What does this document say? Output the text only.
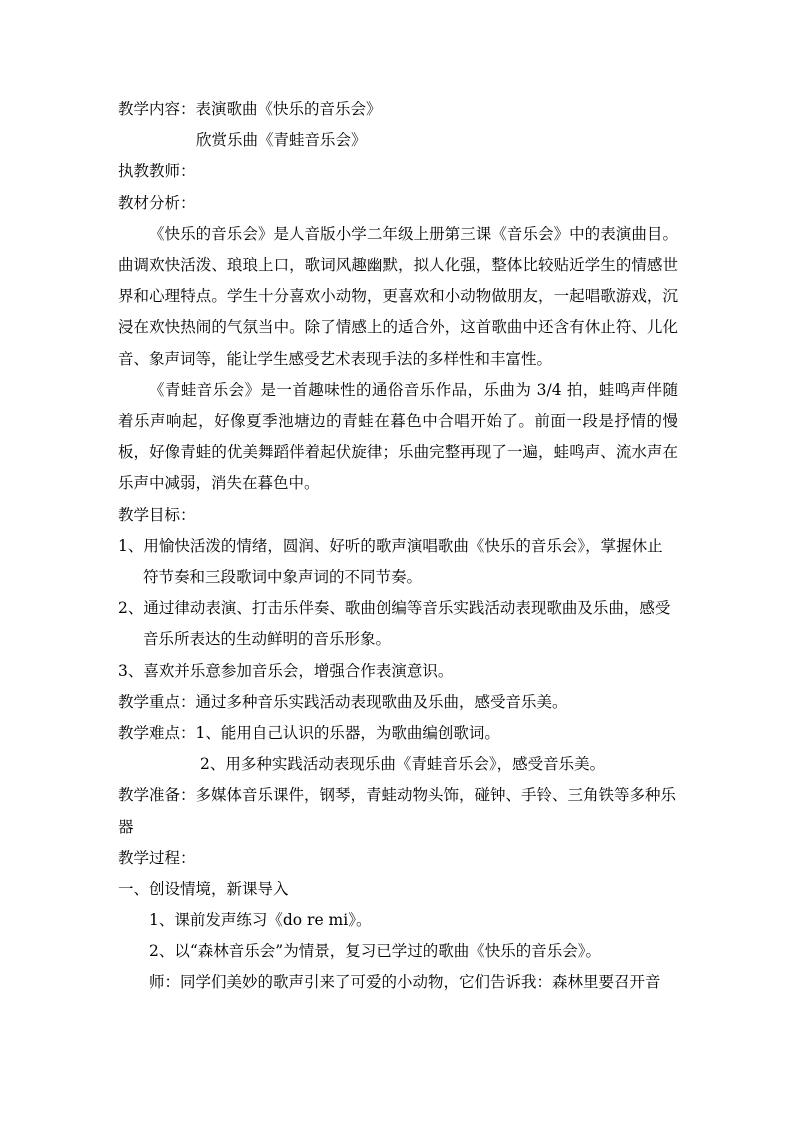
教学内容：表演歌曲《快乐的音乐会》
欣赏乐曲《青蛙音乐会》
执教教师：
教材分析：
《快乐的音乐会》是人音版小学二年级上册第三课《音乐会》中的表演曲目。曲调欢快活泼、琅琅上口，歌词风趣幽默，拟人化强，整体比较贴近学生的情感世界和心理特点。学生十分喜欢小动物，更喜欢和小动物做朋友，一起唱歌游戏，沉浸在欢快热闹的气氛当中。除了情感上的适合外，这首歌曲中还含有休止符、儿化音、象声词等，能让学生感受艺术表现手法的多样性和丰富性。
《青蛙音乐会》是一首趣味性的通俗音乐作品，乐曲为 3/4 拍，蛙鸣声伴随着乐声响起，好像夏季池塘边的青蛙在暮色中合唱开始了。前面一段是抒情的慢板，好像青蛙的优美舞蹈伴着起伏旋律；乐曲完整再现了一遍，蛙鸣声、流水声在乐声中减弱，消失在暮色中。
教学目标：
1、用愉快活泼的情绪，圆润、好听的歌声演唱歌曲《快乐的音乐会》，掌握休止符节奏和三段歌词中象声词的不同节奏。
2、通过律动表演、打击乐伴奏、歌曲创编等音乐实践活动表现歌曲及乐曲，感受音乐所表达的生动鲜明的音乐形象。
3、喜欢并乐意参加音乐会，增强合作表演意识。
教学重点：通过多种音乐实践活动表现歌曲及乐曲，感受音乐美。
教学难点：1、能用自己认识的乐器，为歌曲编创歌词。
2、用多种实践活动表现乐曲《青蛙音乐会》，感受音乐美。
教学准备：多媒体音乐课件，钢琴，青蛙动物头饰，碰钟、手铃、三角铁等多种乐器
教学过程：
一、创设情境，新课导入
1、课前发声练习《do re mi》。
2、以“森林音乐会”为情景，复习已学过的歌曲《快乐的音乐会》。
师：同学们美妙的歌声引来了可爱的小动物，它们告诉我：森林里要召开音
